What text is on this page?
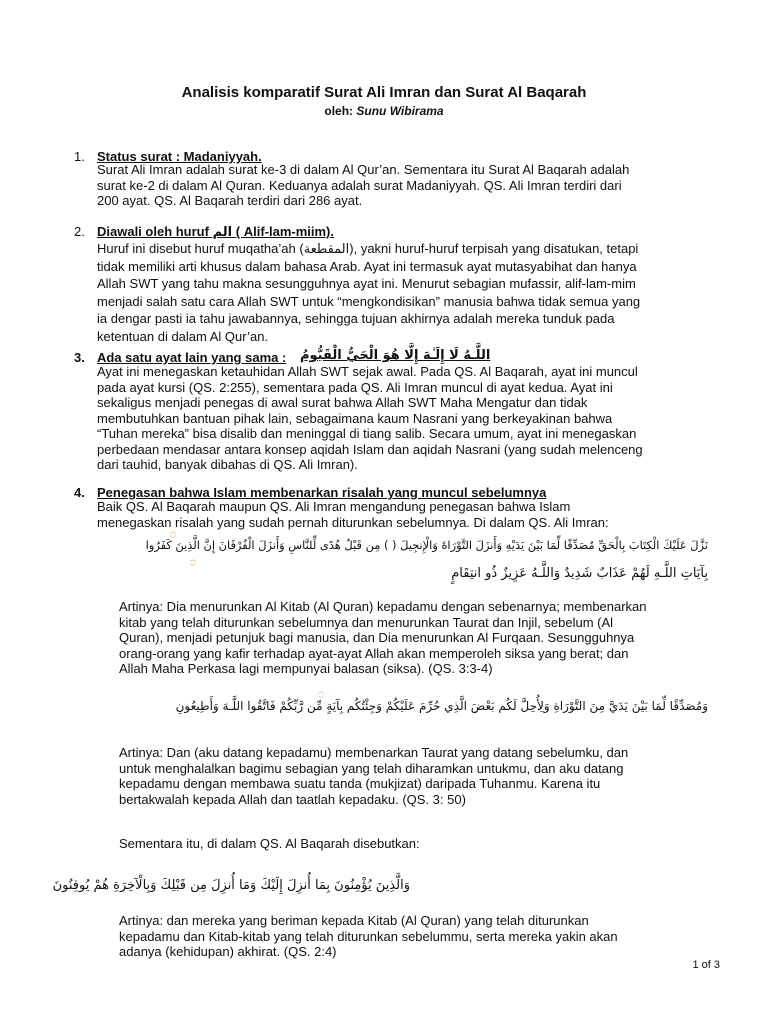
Analisis komparatif Surat Ali Imran dan Surat Al Baqarah
oleh: Sunu Wibirama
1. Status surat : Madaniyyah.
Surat Ali Imran adalah surat ke-3 di dalam Al Qur’an. Sementara itu Surat Al Baqarah adalah
surat ke-2 di dalam Al Quran. Keduanya adalah surat Madaniyyah. QS. Ali Imran terdiri dari
200 ayat. QS. Al Baqarah terdiri dari 286 ayat.
2. Diawali oleh huruf الم ( Alif-lam-miim).
Huruf ini disebut huruf muqatha’ah (المقطعة), yakni huruf-huruf terpisah yang disatukan, tetapi
tidak memiliki arti khusus dalam bahasa Arab. Ayat ini termasuk ayat mutasyabihat dan hanya
Allah SWT yang tahu makna sesungguhnya ayat ini. Menurut sebagian mufassir, alif-lam-mim
menjadi salah satu cara Allah SWT untuk “mengkondisikan” manusia bahwa tidak semua yang
ia dengar pasti ia tahu jawabannya, sehingga tujuan akhirnya adalah mereka tunduk pada
ketentuan di dalam Al Qur’an.
3. Ada satu ayat lain yang sama : اللَّـهُ لَا إِلَـٰهَ إِلَّا هُوَ الْحَيُّ الْقَيُّومُ
Ayat ini menegaskan ketauhidan Allah SWT sejak awal. Pada QS. Al Baqarah, ayat ini muncul
pada ayat kursi (QS. 2:255), sementara pada QS. Ali Imran muncul di ayat kedua. Ayat ini
sekaligus menjadi penegas di awal surat bahwa Allah SWT Maha Mengatur dan tidak
membutuhkan bantuan pihak lain, sebagaimana kaum Nasrani yang berkeyakinan bahwa
“Tuhan mereka” bisa disalib dan meninggal di tiang salib. Secara umum, ayat ini menegaskan
perbedaan mendasar antara konsep aqidah Islam dan aqidah Nasrani (yang sudah melenceng
dari tauhid, banyak dibahas di QS. Ali Imran).
4. Penegasan bahwa Islam membenarkan risalah yang muncul sebelumnya
Baik QS. Al Baqarah maupun QS. Ali Imran mengandung penegasan bahwa Islam
menegaskan risalah yang sudah pernah diturunkan sebelumnya. Di dalam QS. Ali Imran:
۝
۝
نَزَّلَ عَلَيْكَ الْكِتَابَ بِالْحَقِّ مُصَدِّقًا لِّمَا بَيْنَ يَدَيْهِ وَأَنزَلَ التَّوْرَاةَ وَالْإِنجِيلَ ( ) مِن قَبْلُ هُدًى لِّلنَّاسِ وَأَنزَلَ الْفُرْقَانَ إِنَّ الَّذِينَ كَفَرُوا
بِآيَاتِ اللَّـهِ لَهُمْ عَذَابٌ شَدِيدٌ وَاللَّـهُ عَزِيزٌ ذُو انتِقَامٍ
Artinya: Dia menurunkan Al Kitab (Al Quran) kepadamu dengan sebenarnya; membenarkan
kitab yang telah diturunkan sebelumnya dan menurunkan Taurat dan Injil, sebelum (Al
Quran), menjadi petunjuk bagi manusia, dan Dia menurunkan Al Furqaan. Sesungguhnya
orang-orang yang kafir terhadap ayat-ayat Allah akan memperoleh siksa yang berat; dan
Allah Maha Perkasa lagi mempunyai balasan (siksa). (QS. 3:3-4)
۝
وَمُصَدِّقًا لِّمَا بَيْنَ يَدَيَّ مِنَ التَّوْرَاةِ وَلِأُحِلَّ لَكُم بَعْضَ الَّذِي حُرِّمَ عَلَيْكُمْ وَجِئْتُكُم بِآيَةٍ مِّن رَّبِّكُمْ فَاتَّقُوا اللَّـهَ وَأَطِيعُونِ
Artinya: Dan (aku datang kepadamu) membenarkan Taurat yang datang sebelumku, dan
untuk menghalalkan bagimu sebagian yang telah diharamkan untukmu, dan aku datang
kepadamu dengan membawa suatu tanda (mukjizat) daripada Tuhanmu. Karena itu
bertakwalah kepada Allah dan taatlah kepadaku. (QS. 3: 50)
Sementara itu, di dalam QS. Al Baqarah disebutkan:
وَالَّذِينَ يُؤْمِنُونَ بِمَا أُنزِلَ إِلَيْكَ وَمَا أُنزِلَ مِن قَبْلِكَ وَبِالْآخِرَةِ هُمْ يُوقِنُونَ
Artinya: dan mereka yang beriman kepada Kitab (Al Quran) yang telah diturunkan
kepadamu dan Kitab-kitab yang telah diturunkan sebelummu, serta mereka yakin akan
adanya (kehidupan) akhirat. (QS. 2:4)
1 of 3
